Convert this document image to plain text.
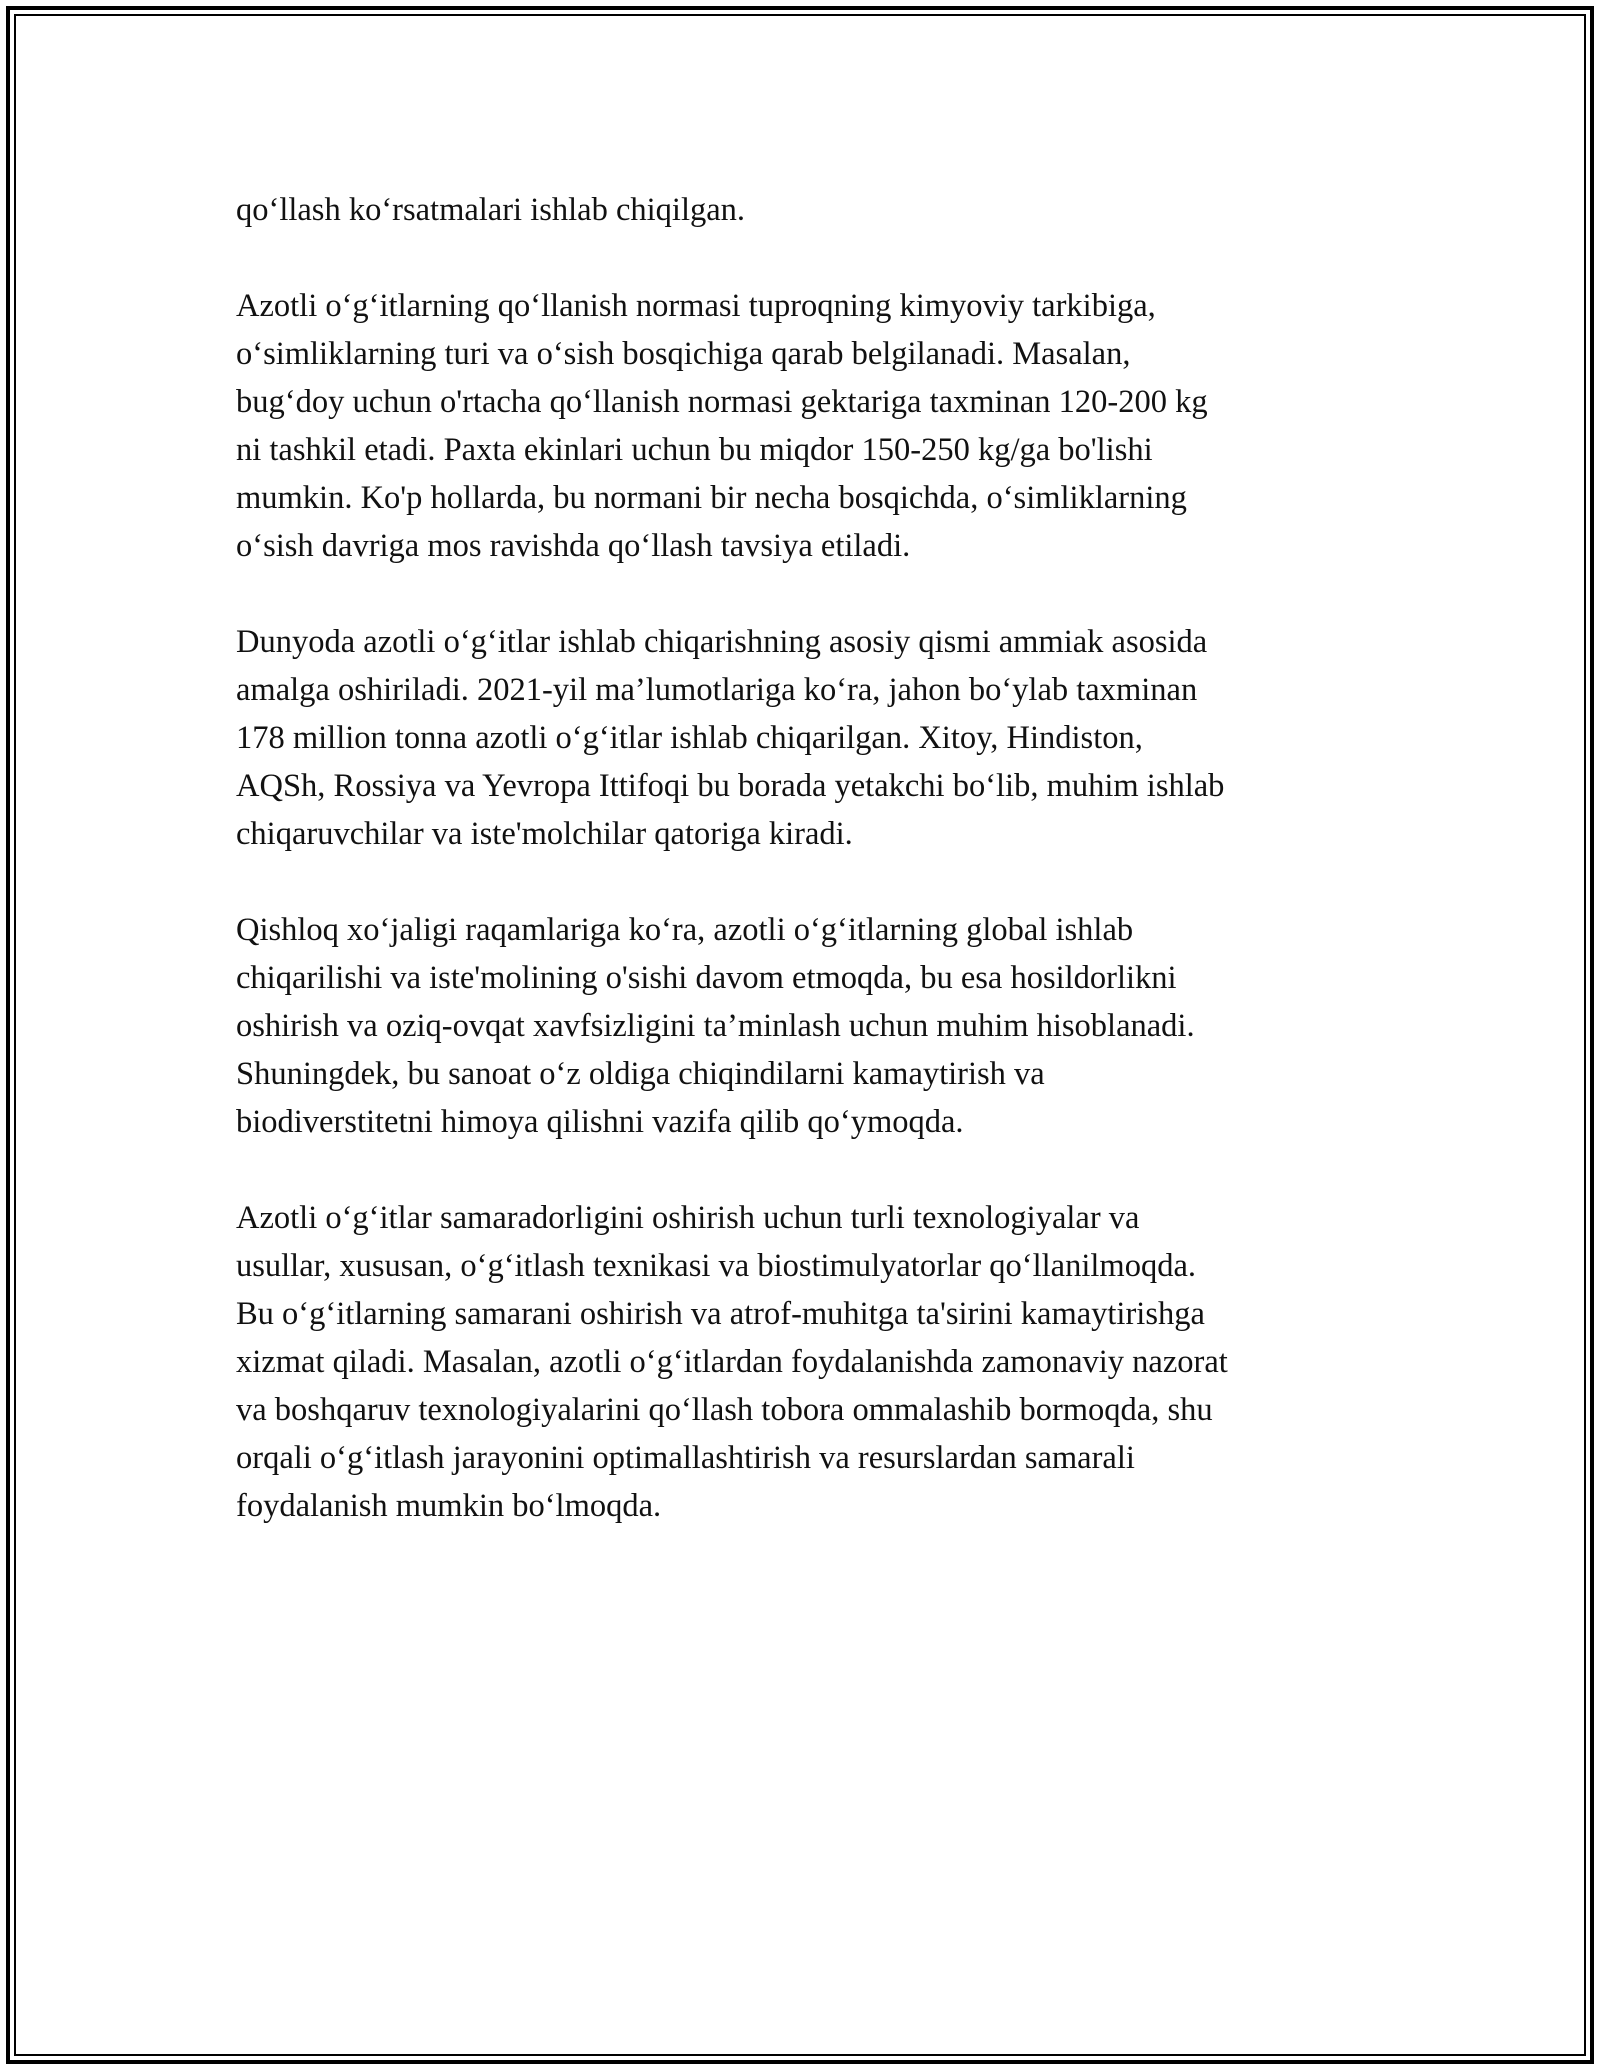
qo‘llash ko‘rsatmalari ishlab chiqilgan.

Azotli o‘g‘itlarning qo‘llanish normasi tuproqning kimyoviy tarkibiga,
o‘simliklarning turi va o‘sish bosqichiga qarab belgilanadi. Masalan,
bug‘doy uchun o'rtacha qo‘llanish normasi gektariga taxminan 120-200 kg
ni tashkil etadi. Paxta ekinlari uchun bu miqdor 150-250 kg/ga bo'lishi
mumkin. Ko'p hollarda, bu normani bir necha bosqichda, o‘simliklarning
o‘sish davriga mos ravishda qo‘llash tavsiya etiladi.

Dunyoda azotli o‘g‘itlar ishlab chiqarishning asosiy qismi ammiak asosida
amalga oshiriladi. 2021-yil ma’lumotlariga ko‘ra, jahon bo‘ylab taxminan
178 million tonna azotli o‘g‘itlar ishlab chiqarilgan. Xitoy, Hindiston,
AQSh, Rossiya va Yevropa Ittifoqi bu borada yetakchi bo‘lib, muhim ishlab
chiqaruvchilar va iste'molchilar qatoriga kiradi.

Qishloq xo‘jaligi raqamlariga ko‘ra, azotli o‘g‘itlarning global ishlab
chiqarilishi va iste'molining o'sishi davom etmoqda, bu esa hosildorlikni
oshirish va oziq-ovqat xavfsizligini ta’minlash uchun muhim hisoblanadi.
Shuningdek, bu sanoat o‘z oldiga chiqindilarni kamaytirish va
biodiverstitetni himoya qilishni vazifa qilib qo‘ymoqda.

Azotli o‘g‘itlar samaradorligini oshirish uchun turli texnologiyalar va
usullar, xususan, o‘g‘itlash texnikasi va biostimulyatorlar qo‘llanilmoqda.
Bu o‘g‘itlarning samarani oshirish va atrof-muhitga ta'sirini kamaytirishga
xizmat qiladi. Masalan, azotli o‘g‘itlardan foydalanishda zamonaviy nazorat
va boshqaruv texnologiyalarini qo‘llash tobora ommalashib bormoqda, shu
orqali o‘g‘itlash jarayonini optimallashtirish va resurslardan samarali
foydalanish mumkin bo‘lmoqda.
